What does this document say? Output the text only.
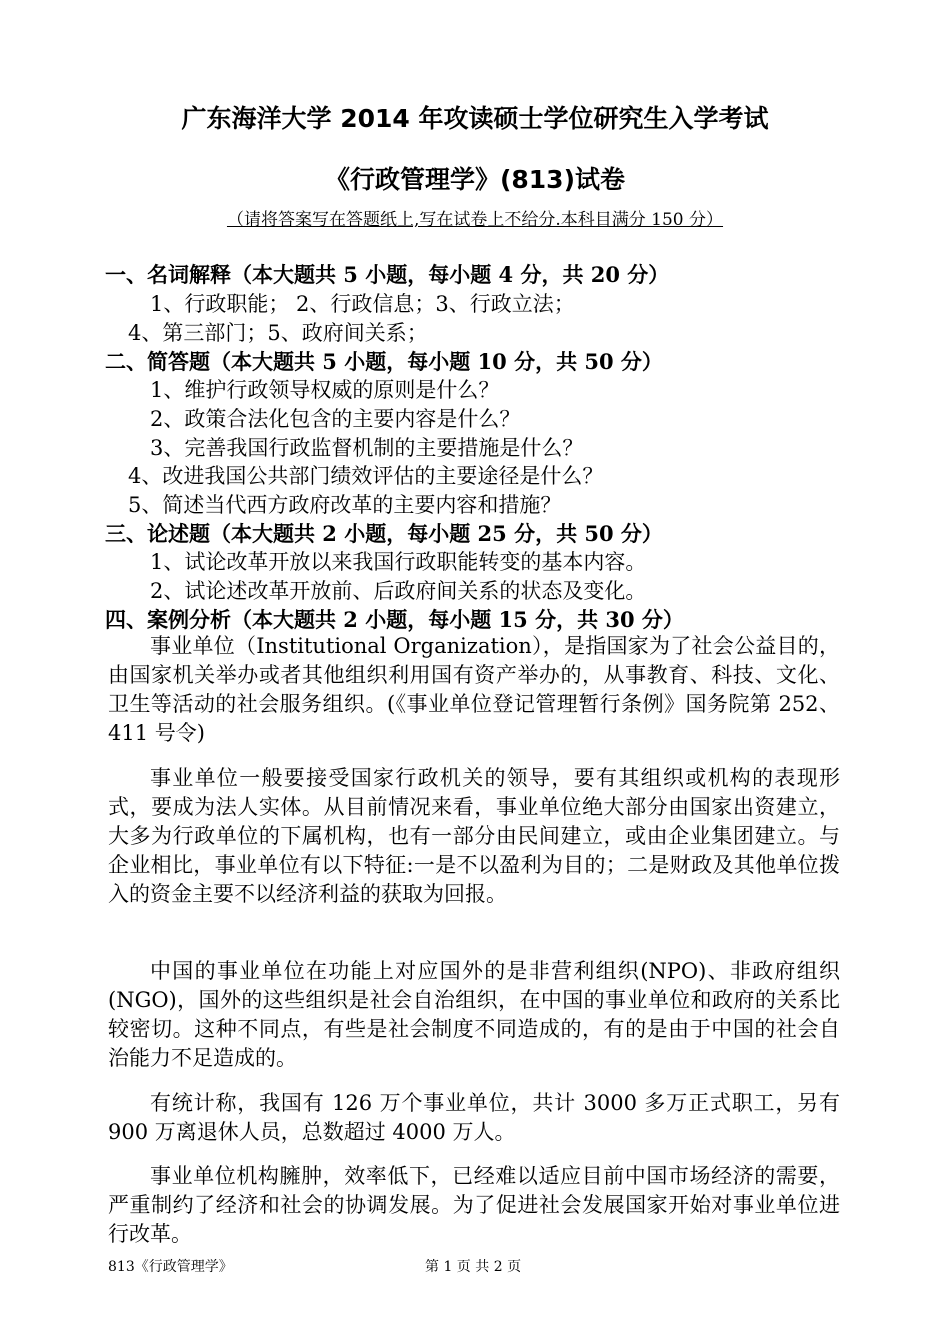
广东海洋大学 2014 年攻读硕士学位研究生入学考试
《行政管理学》(813)试卷
（请将答案写在答题纸上,写在试卷上不给分.本科目满分 150 分）
一、名词解释（本大题共 5 小题，每小题 4 分，共 20 分）
1、行政职能； 2、行政信息；3、行政立法；
4、第三部门；5、政府间关系；
二、简答题（本大题共 5 小题，每小题 10 分，共 50 分）
1、维护行政领导权威的原则是什么？
2、政策合法化包含的主要内容是什么？
3、完善我国行政监督机制的主要措施是什么？
4、改进我国公共部门绩效评估的主要途径是什么？
5、简述当代西方政府改革的主要内容和措施？
三、论述题（本大题共 2 小题，每小题 25 分，共 50 分）
1、试论改革开放以来我国行政职能转变的基本内容。
2、试论述改革开放前、后政府间关系的状态及变化。
四、案例分析（本大题共 2 小题，每小题 15 分，共 30 分）

事业单位（Institutional Organization），是指国家为了社会公益目的，由国家机关举办或者其他组织利用国有资产举办的，从事教育、科技、文化、卫生等活动的社会服务组织。(《事业单位登记管理暂行条例》国务院第 252、411 号令)

事业单位一般要接受国家行政机关的领导，要有其组织或机构的表现形式，要成为法人实体。从目前情况来看，事业单位绝大部分由国家出资建立，大多为行政单位的下属机构，也有一部分由民间建立，或由企业集团建立。与企业相比，事业单位有以下特征:一是不以盈利为目的；二是财政及其他单位拨入的资金主要不以经济利益的获取为回报。

中国的事业单位在功能上对应国外的是非营利组织(NPO)、非政府组织(NGO)，国外的这些组织是社会自治组织，在中国的事业单位和政府的关系比较密切。这种不同点，有些是社会制度不同造成的，有的是由于中国的社会自治能力不足造成的。

有统计称，我国有 126 万个事业单位，共计 3000 多万正式职工，另有 900 万离退休人员，总数超过 4000 万人。

事业单位机构臃肿，效率低下，已经难以适应目前中国市场经济的需要，严重制约了经济和社会的协调发展。为了促进社会发展国家开始对事业单位进行改革。

813《行政管理学》	第 1 页 共 2 页
